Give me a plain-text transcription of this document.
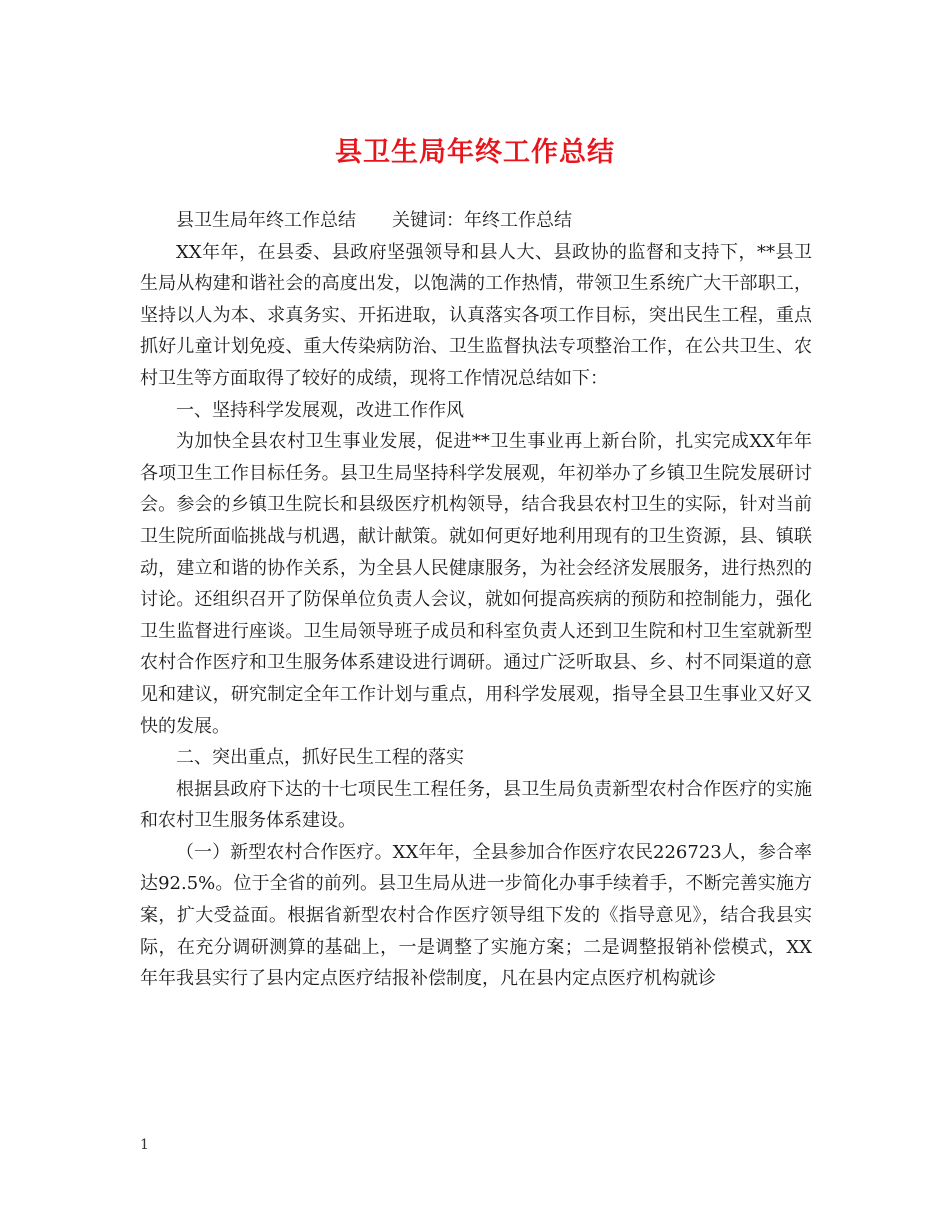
县卫生局年终工作总结

县卫生局年终工作总结 关键词：年终工作总结

XX年年，在县委、县政府坚强领导和县人大、县政协的监督和支持下，**县卫生局从构建和谐社会的高度出发，以饱满的工作热情，带领卫生系统广大干部职工，坚持以人为本、求真务实、开拓进取，认真落实各项工作目标，突出民生工程，重点抓好儿童计划免疫、重大传染病防治、卫生监督执法专项整治工作，在公共卫生、农村卫生等方面取得了较好的成绩，现将工作情况总结如下：

一、坚持科学发展观，改进工作作风

为加快全县农村卫生事业发展，促进**卫生事业再上新台阶，扎实完成XX年年各项卫生工作目标任务。县卫生局坚持科学发展观，年初举办了乡镇卫生院发展研讨会。参会的乡镇卫生院长和县级医疗机构领导，结合我县农村卫生的实际，针对当前卫生院所面临挑战与机遇，献计献策。就如何更好地利用现有的卫生资源，县、镇联动，建立和谐的协作关系，为全县人民健康服务，为社会经济发展服务，进行热烈的讨论。还组织召开了防保单位负责人会议，就如何提高疾病的预防和控制能力，强化卫生监督进行座谈。卫生局领导班子成员和科室负责人还到卫生院和村卫生室就新型农村合作医疗和卫生服务体系建设进行调研。通过广泛听取县、乡、村不同渠道的意见和建议，研究制定全年工作计划与重点，用科学发展观，指导全县卫生事业又好又快的发展。

二、突出重点，抓好民生工程的落实

根据县政府下达的十七项民生工程任务，县卫生局负责新型农村合作医疗的实施和农村卫生服务体系建设。

（一）新型农村合作医疗。XX年年，全县参加合作医疗农民226723人，参合率达92.5%。位于全省的前列。县卫生局从进一步简化办事手续着手，不断完善实施方案，扩大受益面。根据省新型农村合作医疗领导组下发的《指导意见》，结合我县实际，在充分调研测算的基础上，一是调整了实施方案；二是调整报销补偿模式，XX年年我县实行了县内定点医疗结报补偿制度，凡在县内定点医疗机构就诊

1
